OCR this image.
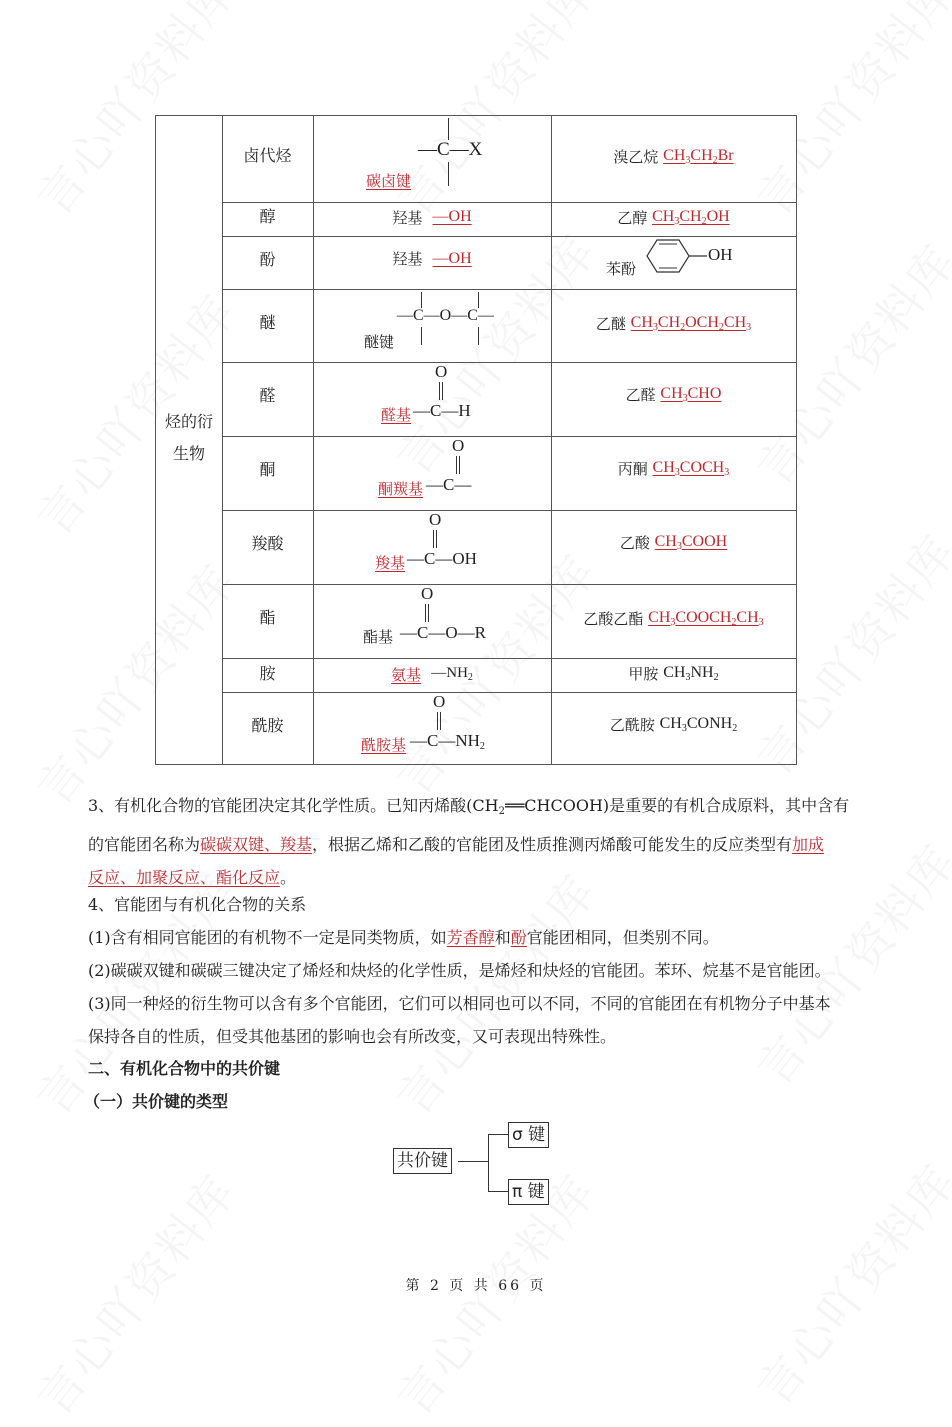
烃的衍
生物
卤代烃
醇
酚
醚
醛
酮
羧酸
酯
胺
酰胺
—C—X
碳卤键
羟基
—OH
羟基
—OH
—C—O—C—
醚键
O
醛基 —C—H
O
酮羰基 —C—
O
羧基 —C—OH
O
酯基 —C—O—R
氨基
$—NH_2$
O
酰胺基 $—C—NH_2$
溴乙烷
$CH_3CH_2Br$
乙醇
$CH_3CH_2OH$
苯酚
OH
乙醚
$CH_3CH_2OCH_2CH_3$
乙醛
$CH_3CHO$
丙酮
$CH_3COCH_3$
乙酸
$CH_3COOH$
乙酸乙酯
$CH_3COOCH_2CH_3$
甲胺
$CH_3NH_2$
乙酰胺
$CH_3CONH_2$
3、有机化合物的官能团决定其化学性质。已知丙烯酸$(CH_2══CHCOOH)$是重要的有机合成原料，其中含有
的官能团名称为碳碳双键、羧基，根据乙烯和乙酸的官能团及性质推测丙烯酸可能发生的反应类型有加成
反应、加聚反应、酯化反应。
4、官能团与有机化合物的关系
(1)含有相同官能团的有机物不一定是同类物质，如芳香醇和酚官能团相同，但类别不同。
(2)碳碳双键和碳碳三键决定了烯烃和炔烃的化学性质，是烯烃和炔烃的官能团。苯环、烷基不是官能团。
(3)同一种烃的衍生物可以含有多个官能团，它们可以相同也可以不同，不同的官能团在有机物分子中基本
保持各自的性质，但受其他基团的影响也会有所改变，又可表现出特殊性。
二、有机化合物中的共价键
（一）共价键的类型
共价键
σ 键
π 键
第 2 页 共 66 页
